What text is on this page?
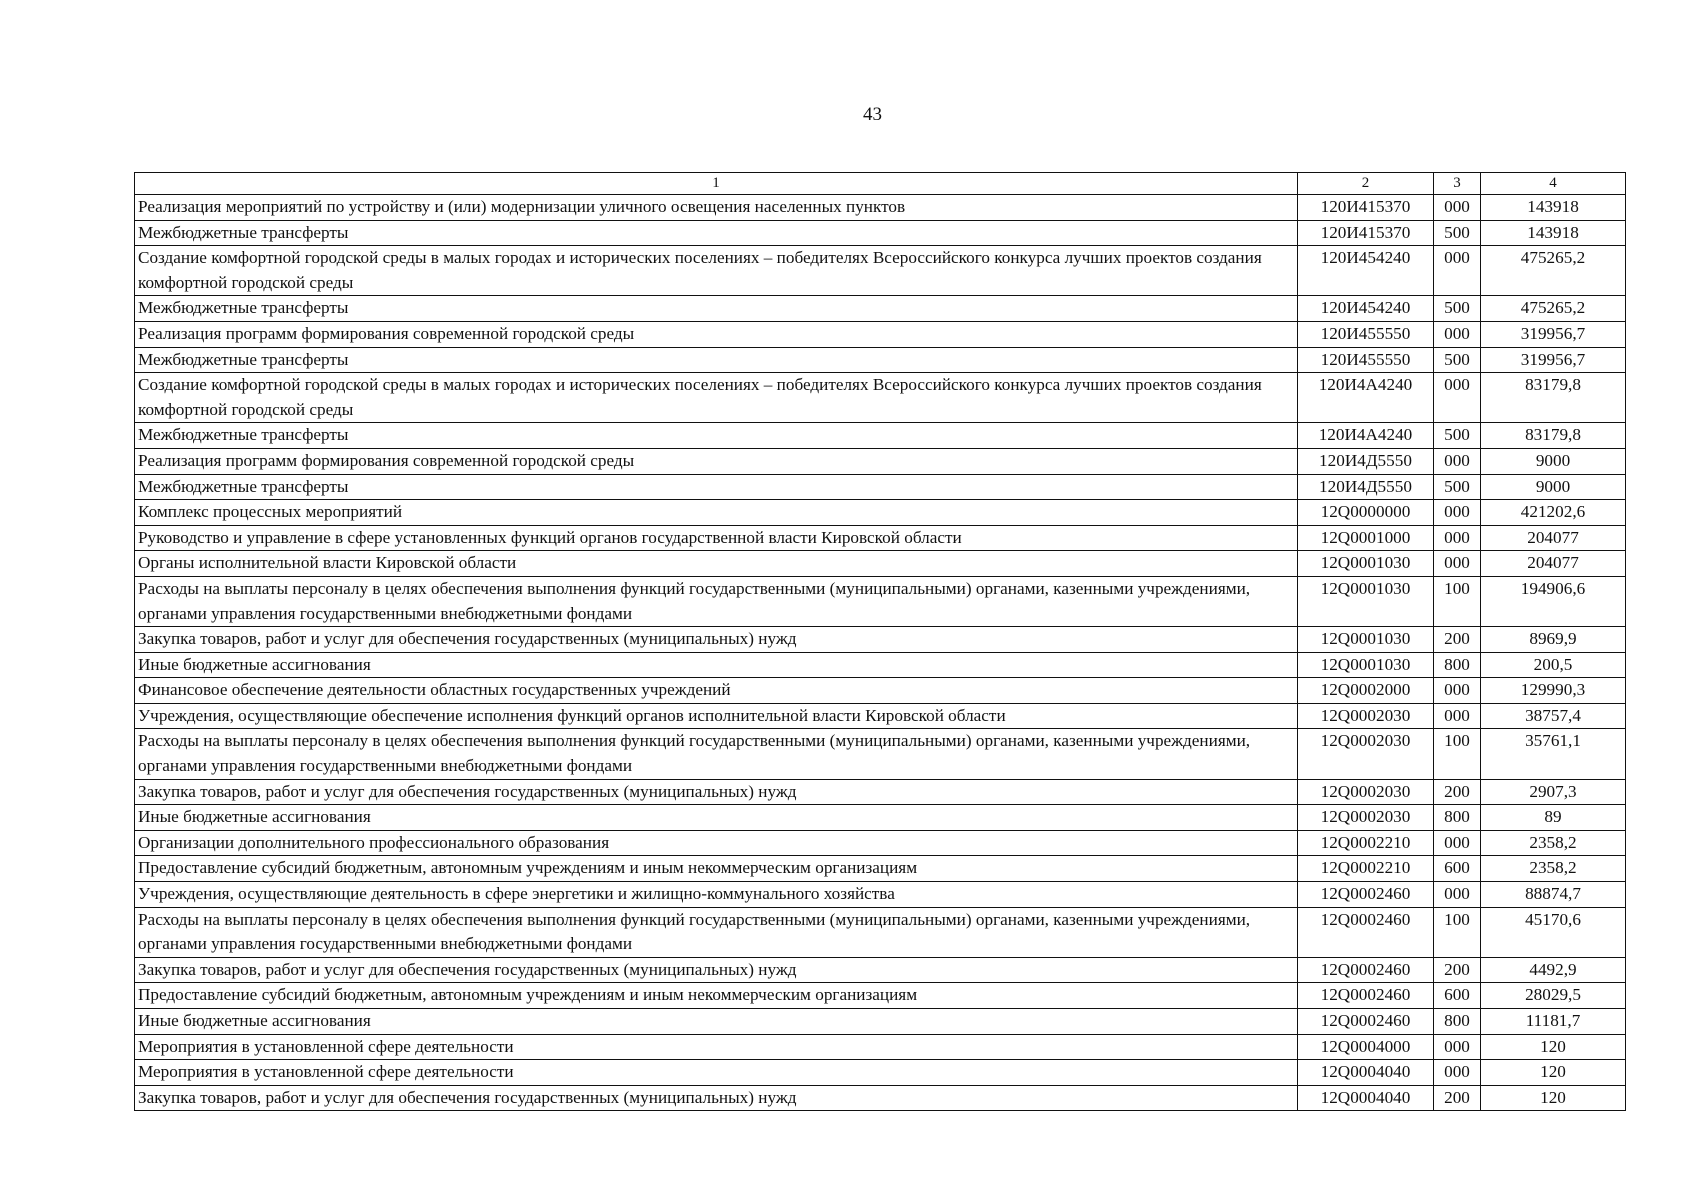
43
1	2	3	4
Реализация мероприятий по устройству и (или) модернизации уличного освещения населенных пунктов	120И415370	000	143918
Межбюджетные трансферты	120И415370	500	143918
Создание комфортной городской среды в малых городах и исторических поселениях – победителях Всероссийского конкурса лучших проектов создания комфортной городской среды	120И454240	000	475265,2
Межбюджетные трансферты	120И454240	500	475265,2
Реализация программ формирования современной городской среды	120И455550	000	319956,7
Межбюджетные трансферты	120И455550	500	319956,7
Создание комфортной городской среды в малых городах и исторических поселениях – победителях Всероссийского конкурса лучших проектов создания комфортной городской среды	120И4А4240	000	83179,8
Межбюджетные трансферты	120И4А4240	500	83179,8
Реализация программ формирования современной городской среды	120И4Д5550	000	9000
Межбюджетные трансферты	120И4Д5550	500	9000
Комплекс процессных мероприятий	12Q0000000	000	421202,6
Руководство и управление в сфере установленных функций органов государственной власти Кировской области	12Q0001000	000	204077
Органы исполнительной власти Кировской области	12Q0001030	000	204077
Расходы на выплаты персоналу в целях обеспечения выполнения функций государственными (муниципальными) органами, казенными учреждениями, органами управления государственными внебюджетными фондами	12Q0001030	100	194906,6
Закупка товаров, работ и услуг для обеспечения государственных (муниципальных) нужд	12Q0001030	200	8969,9
Иные бюджетные ассигнования	12Q0001030	800	200,5
Финансовое обеспечение деятельности областных государственных учреждений	12Q0002000	000	129990,3
Учреждения, осуществляющие обеспечение исполнения функций органов исполнительной власти Кировской области	12Q0002030	000	38757,4
Расходы на выплаты персоналу в целях обеспечения выполнения функций государственными (муниципальными) органами, казенными учреждениями, органами управления государственными внебюджетными фондами	12Q0002030	100	35761,1
Закупка товаров, работ и услуг для обеспечения государственных (муниципальных) нужд	12Q0002030	200	2907,3
Иные бюджетные ассигнования	12Q0002030	800	89
Организации дополнительного профессионального образования	12Q0002210	000	2358,2
Предоставление субсидий бюджетным, автономным учреждениям и иным некоммерческим организациям	12Q0002210	600	2358,2
Учреждения, осуществляющие деятельность в сфере энергетики и жилищно-коммунального хозяйства	12Q0002460	000	88874,7
Расходы на выплаты персоналу в целях обеспечения выполнения функций государственными (муниципальными) органами, казенными учреждениями, органами управления государственными внебюджетными фондами	12Q0002460	100	45170,6
Закупка товаров, работ и услуг для обеспечения государственных (муниципальных) нужд	12Q0002460	200	4492,9
Предоставление субсидий бюджетным, автономным учреждениям и иным некоммерческим организациям	12Q0002460	600	28029,5
Иные бюджетные ассигнования	12Q0002460	800	11181,7
Мероприятия в установленной сфере деятельности	12Q0004000	000	120
Мероприятия в установленной сфере деятельности	12Q0004040	000	120
Закупка товаров, работ и услуг для обеспечения государственных (муниципальных) нужд	12Q0004040	200	120
